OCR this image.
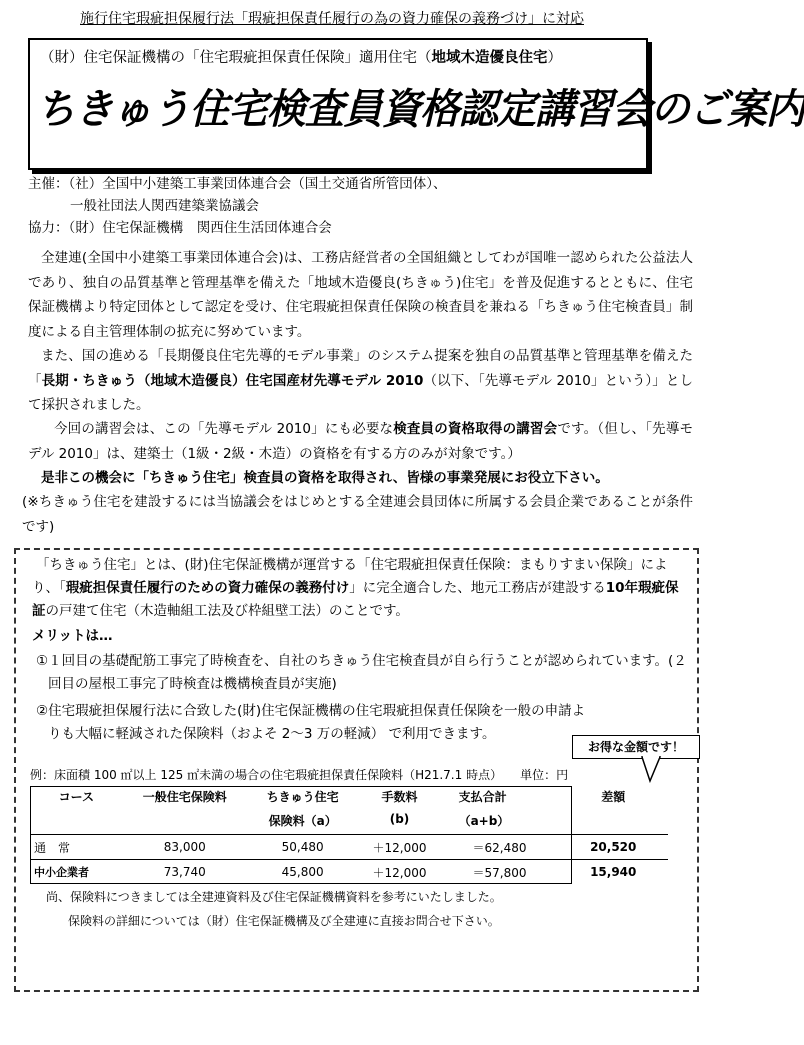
施行住宅瑕疵担保履行法「瑕疵担保責任履行の為の資力確保の義務づけ」に対応
（財）住宅保証機構の「住宅瑕疵担保責任保険」適用住宅（地域木造優良住宅）
ちきゅう住宅検査員資格認定講習会のご案内
主催：（社）全国中小建築工事業団体連合会（国土交通省所管団体）、
一般社団法人関西建築業協議会
協力：（財）住宅保証機構　関西住生活団体連合会
全建連(全国中小建築工事業団体連合会)は、工務店経営者の全国組織としてわが国唯一認められた公益法人であり、独自の品質基準と管理基準を備えた「地域木造優良(ちきゅう)住宅」を普及促進するとともに、住宅保証機構より特定団体として認定を受け、住宅瑕疵担保責任保険の検査員を兼ねる「ちきゅう住宅検査員」制度による自主管理体制の拡充に努めています。
また、国の進める「長期優良住宅先導的モデル事業」のシステム提案を独自の品質基準と管理基準を備えた「長期・ちきゅう（地域木造優良）住宅国産材先導モデル 2010（以下、「先導モデル 2010」という）」として採択されました。
今回の講習会は、この「先導モデル 2010」にも必要な検査員の資格取得の講習会です。（但し、「先導モデル 2010」は、建築士（1級・2級・木造）の資格を有する方のみが対象です。）
是非この機会に「ちきゅう住宅」検査員の資格を取得され、皆様の事業発展にお役立下さい。
(※ちきゅう住宅を建設するには当協議会をはじめとする全建連会員団体に所属する会員企業であることが条件です)
「ちきゅう住宅」とは、(財)住宅保証機構が運営する「住宅瑕疵担保責任保険：まもりすまい保険」により、「瑕疵担保責任履行のための資力確保の義務付け」に完全適合した、地元工務店が建設する10年瑕疵保証の戸建て住宅（木造軸組工法及び枠組壁工法）のことです。
メリットは…
①１回目の基礎配筋工事完了時検査を、自社のちきゅう住宅検査員が自ら行うことが認められています。(２回目の屋根工事完了時検査は機構検査員が実施)
②住宅瑕疵担保履行法に合致した(財)住宅保証機構の住宅瑕疵担保責任保険を一般の申請よりも大幅に軽減された保険料（およそ 2～3 万の軽減） で利用できます。
お得な金額です！
例：床面積 100 ㎡以上 125 ㎡未満の場合の住宅瑕疵担保責任保険料（H21.7.1 時点）　　単位：円
コース	一般住宅保険料	ちきゅう住宅	手数料	支払合計	差額
		保険料（a）	(b)	（a+b）	
通　常	83,000	50,480	＋12,000	＝62,480	20,520
中小企業者	73,740	45,800	＋12,000	＝57,800	15,940
尚、保険料につきましては全建連資料及び住宅保証機構資料を参考にいたしました。
保険料の詳細については（財）住宅保証機構及び全建連に直接お問合せ下さい。
